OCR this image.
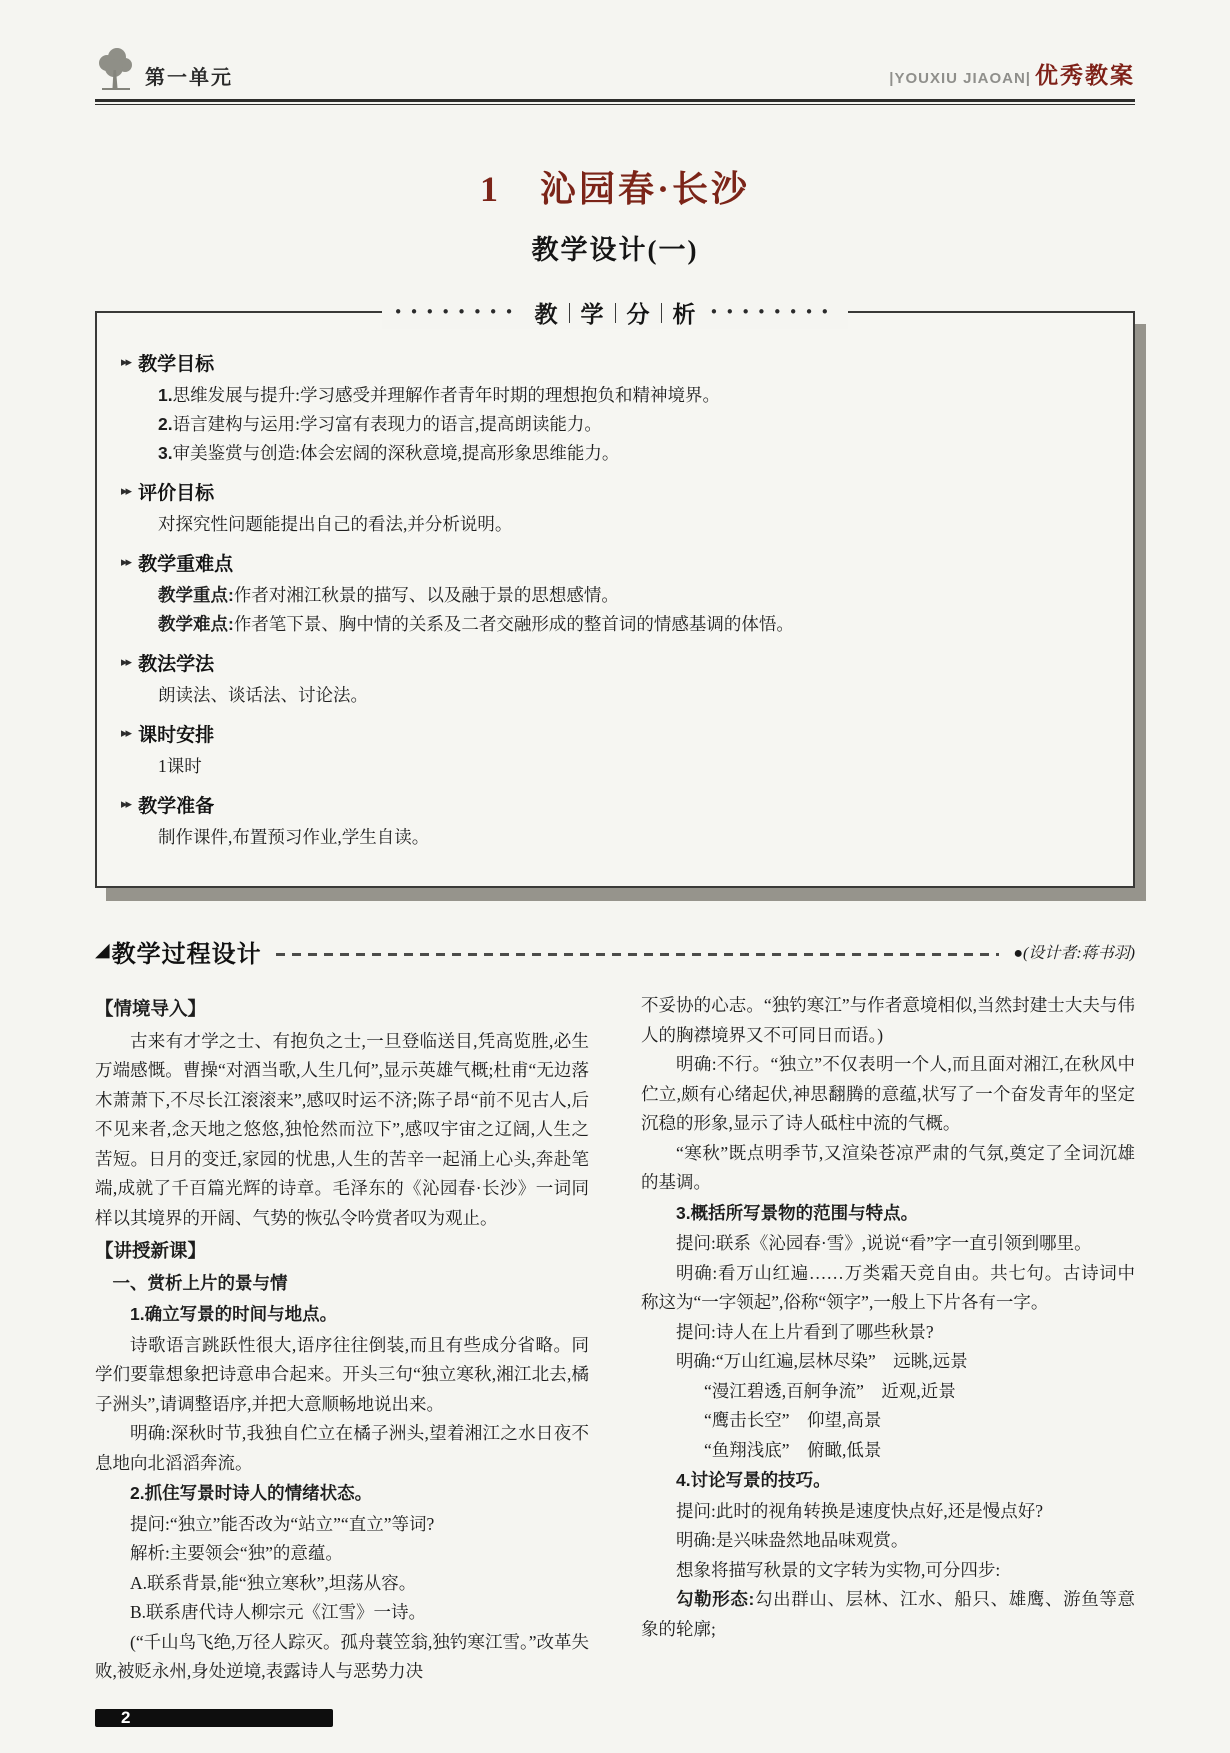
第一单元	|YOUXIU JIAOAN| 优秀教案
1　沁园春·长沙
教学设计(一)
•••••••• 教 学 分 析 ••••••••
▸▸ 教学目标

1.思维发展与提升:学习感受并理解作者青年时期的理想抱负和精神境界。

2.语言建构与运用:学习富有表现力的语言,提高朗读能力。

3.审美鉴赏与创造:体会宏阔的深秋意境,提高形象思维能力。

▸▸ 评价目标

对探究性问题能提出自己的看法,并分析说明。

▸▸ 教学重难点

教学重点:作者对湘江秋景的描写、以及融于景的思想感情。

教学难点:作者笔下景、胸中情的关系及二者交融形成的整首词的情感基调的体悟。

▸▸ 教法学法

朗读法、谈话法、讨论法。

▸▸ 课时安排

1课时

▸▸ 教学准备

制作课件,布置预习作业,学生自读。

◢ 教学过程设计	●(设计者:蒋书羽)

【情境导入】

古来有才学之士、有抱负之士,一旦登临送目,凭高览胜,必生万端感慨。曹操“对酒当歌,人生几何”,显示英雄气概;杜甫“无边落木萧萧下,不尽长江滚滚来”,感叹时运不济;陈子昂“前不见古人,后不见来者,念天地之悠悠,独怆然而泣下”,感叹宇宙之辽阔,人生之苦短。日月的变迁,家园的忧患,人生的苦辛一起涌上心头,奔赴笔端,成就了千百篇光辉的诗章。毛泽东的《沁园春·长沙》一词同样以其境界的开阔、气势的恢弘令吟赏者叹为观止。

【讲授新课】

一、赏析上片的景与情

1.确立写景的时间与地点。

诗歌语言跳跃性很大,语序往往倒装,而且有些成分省略。同学们要靠想象把诗意串合起来。开头三句“独立寒秋,湘江北去,橘子洲头”,请调整语序,并把大意顺畅地说出来。

明确:深秋时节,我独自伫立在橘子洲头,望着湘江之水日夜不息地向北滔滔奔流。

2.抓住写景时诗人的情绪状态。

提问:“独立”能否改为“站立”“直立”等词?

解析:主要领会“独”的意蕴。

A.联系背景,能“独立寒秋”,坦荡从容。

B.联系唐代诗人柳宗元《江雪》一诗。

(“千山鸟飞绝,万径人踪灭。孤舟蓑笠翁,独钓寒江雪。”改革失败,被贬永州,身处逆境,表露诗人与恶势力决

不妥协的心志。“独钓寒江”与作者意境相似,当然封建士大夫与伟人的胸襟境界又不可同日而语。)

明确:不行。“独立”不仅表明一个人,而且面对湘江,在秋风中伫立,颇有心绪起伏,神思翻腾的意蕴,状写了一个奋发青年的坚定沉稳的形象,显示了诗人砥柱中流的气概。

“寒秋”既点明季节,又渲染苍凉严肃的气氛,奠定了全词沉雄的基调。

3.概括所写景物的范围与特点。

提问:联系《沁园春·雪》,说说“看”字一直引领到哪里。

明确:看万山红遍……万类霜天竞自由。共七句。古诗词中称这为“一字领起”,俗称“领字”,一般上下片各有一字。

提问:诗人在上片看到了哪些秋景?

明确:“万山红遍,层林尽染”　远眺,远景

“漫江碧透,百舸争流”　近观,近景

“鹰击长空”　仰望,高景

“鱼翔浅底”　俯瞰,低景

4.讨论写景的技巧。

提问:此时的视角转换是速度快点好,还是慢点好?

明确:是兴味盎然地品味观赏。

想象将描写秋景的文字转为实物,可分四步:

勾勒形态:勾出群山、层林、江水、船只、雄鹰、游鱼等意象的轮廓;

2
